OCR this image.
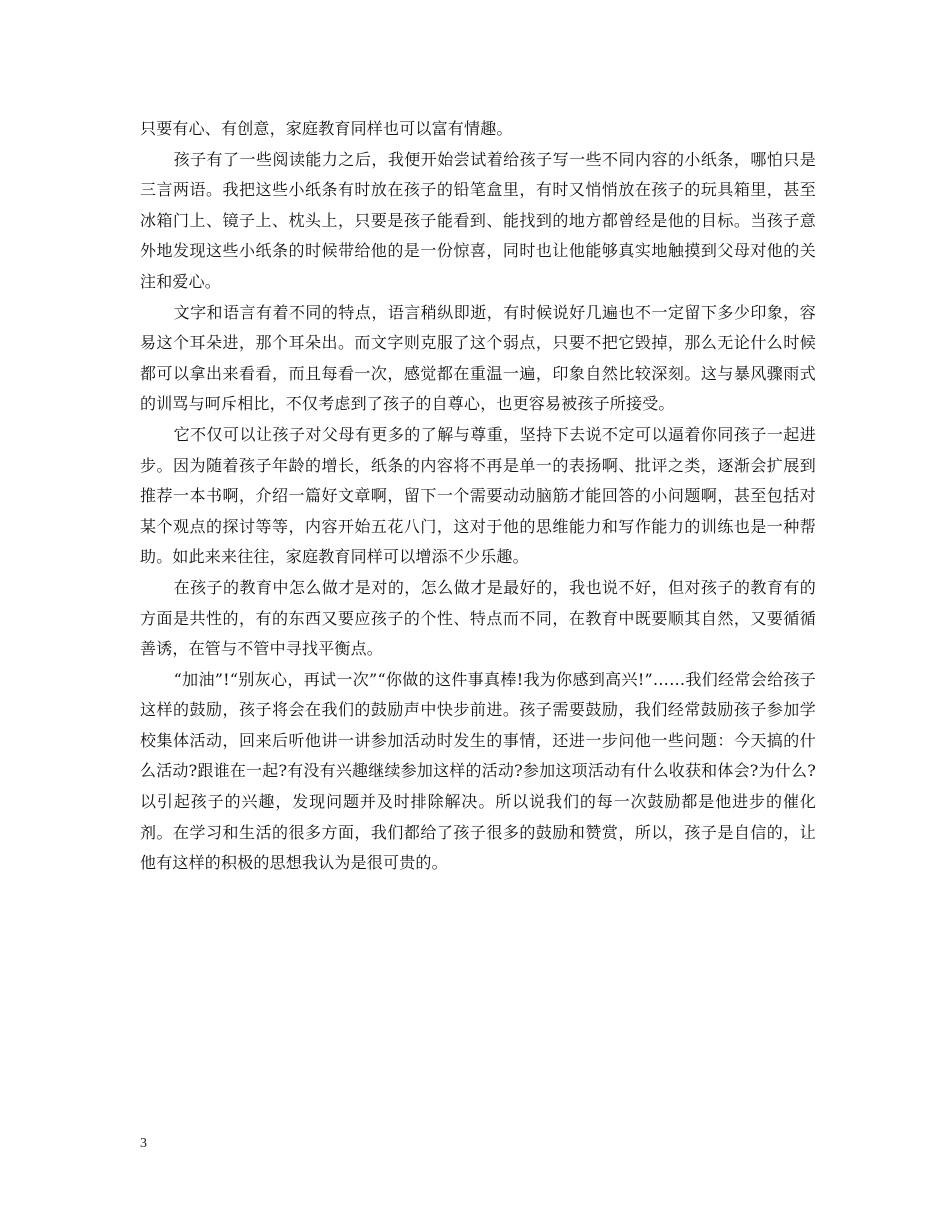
只要有心、有创意，家庭教育同样也可以富有情趣。

孩子有了一些阅读能力之后，我便开始尝试着给孩子写一些不同内容的小纸条，哪怕只是三言两语。我把这些小纸条有时放在孩子的铅笔盒里，有时又悄悄放在孩子的玩具箱里，甚至冰箱门上、镜子上、枕头上，只要是孩子能看到、能找到的地方都曾经是他的目标。当孩子意外地发现这些小纸条的时候带给他的是一份惊喜，同时也让他能够真实地触摸到父母对他的关注和爱心。

文字和语言有着不同的特点，语言稍纵即逝，有时候说好几遍也不一定留下多少印象，容易这个耳朵进，那个耳朵出。而文字则克服了这个弱点，只要不把它毁掉，那么无论什么时候都可以拿出来看看，而且每看一次，感觉都在重温一遍，印象自然比较深刻。这与暴风骤雨式的训骂与呵斥相比，不仅考虑到了孩子的自尊心，也更容易被孩子所接受。

它不仅可以让孩子对父母有更多的了解与尊重，坚持下去说不定可以逼着你同孩子一起进步。因为随着孩子年龄的增长，纸条的内容将不再是单一的表扬啊、批评之类，逐渐会扩展到推荐一本书啊，介绍一篇好文章啊，留下一个需要动动脑筋才能回答的小问题啊，甚至包括对某个观点的探讨等等，内容开始五花八门，这对于他的思维能力和写作能力的训练也是一种帮助。如此来来往往，家庭教育同样可以增添不少乐趣。

在孩子的教育中怎么做才是对的，怎么做才是最好的，我也说不好，但对孩子的教育有的方面是共性的，有的东西又要应孩子的个性、特点而不同，在教育中既要顺其自然，又要循循善诱，在管与不管中寻找平衡点。

“加油”!“别灰心，再试一次”“你做的这件事真棒!我为你感到高兴!”……我们经常会给孩子这样的鼓励，孩子将会在我们的鼓励声中快步前进。孩子需要鼓励，我们经常鼓励孩子参加学校集体活动，回来后听他讲一讲参加活动时发生的事情，还进一步问他一些问题：今天搞的什么活动?跟谁在一起?有没有兴趣继续参加这样的活动?参加这项活动有什么收获和体会?为什么?以引起孩子的兴趣，发现问题并及时排除解决。所以说我们的每一次鼓励都是他进步的催化剂。在学习和生活的很多方面，我们都给了孩子很多的鼓励和赞赏，所以，孩子是自信的，让他有这样的积极的思想我认为是很可贵的。

3
